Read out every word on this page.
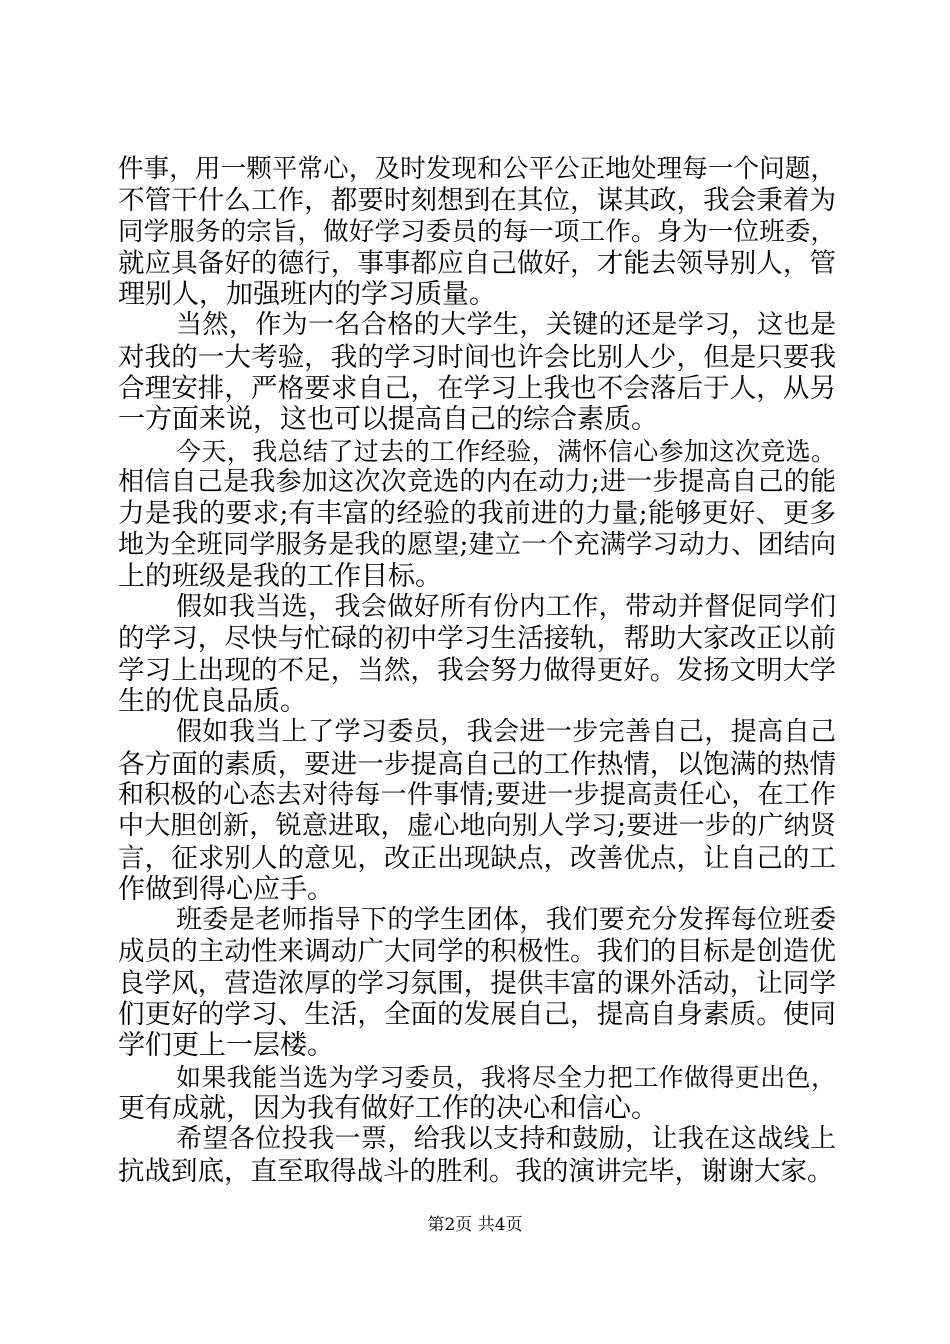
件事，用一颗平常心，及时发现和公平公正地处理每一个问题，
不管干什么工作，都要时刻想到在其位，谋其政，我会秉着为
同学服务的宗旨，做好学习委员的每一项工作。身为一位班委，
就应具备好的德行，事事都应自己做好，才能去领导别人，管
理别人，加强班内的学习质量。
当然，作为一名合格的大学生，关键的还是学习，这也是
对我的一大考验，我的学习时间也许会比别人少，但是只要我
合理安排，严格要求自己，在学习上我也不会落后于人，从另
一方面来说，这也可以提高自己的综合素质。
今天，我总结了过去的工作经验，满怀信心参加这次竞选。
相信自己是我参加这次次竞选的内在动力;进一步提高自己的能
力是我的要求;有丰富的经验的我前进的力量;能够更好、更多
地为全班同学服务是我的愿望;建立一个充满学习动力、团结向
上的班级是我的工作目标。
假如我当选，我会做好所有份内工作，带动并督促同学们
的学习，尽快与忙碌的初中学习生活接轨，帮助大家改正以前
学习上出现的不足，当然，我会努力做得更好。发扬文明大学
生的优良品质。
假如我当上了学习委员，我会进一步完善自己，提高自己
各方面的素质，要进一步提高自己的工作热情，以饱满的热情
和积极的心态去对待每一件事情;要进一步提高责任心，在工作
中大胆创新，锐意进取，虚心地向别人学习;要进一步的广纳贤
言，征求别人的意见，改正出现缺点，改善优点，让自己的工
作做到得心应手。
班委是老师指导下的学生团体，我们要充分发挥每位班委
成员的主动性来调动广大同学的积极性。我们的目标是创造优
良学风，营造浓厚的学习氛围，提供丰富的课外活动，让同学
们更好的学习、生活，全面的发展自己，提高自身素质。使同
学们更上一层楼。
如果我能当选为学习委员，我将尽全力把工作做得更出色，
更有成就，因为我有做好工作的决心和信心。
希望各位投我一票，给我以支持和鼓励，让我在这战线上
抗战到底，直至取得战斗的胜利。我的演讲完毕，谢谢大家。
第2页 共4页
